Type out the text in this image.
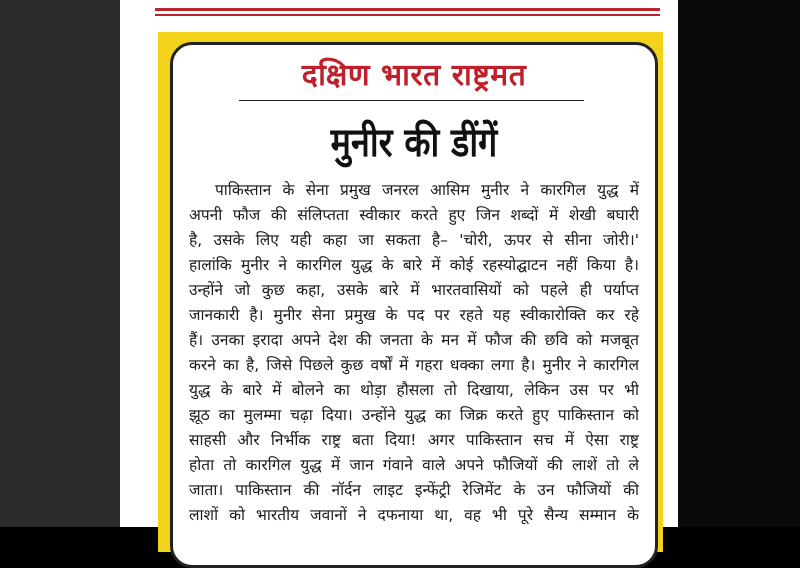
दक्षिण भारत राष्ट्रमत
मुनीर की डींगें
पाकिस्तान के सेना प्रमुख जनरल आसिम मुनीर ने कारगिल युद्ध में
अपनी फौज की संलिप्तता स्वीकार करते हुए जिन शब्दों में शेखी बघारी
है, उसके लिए यही कहा जा सकता है– 'चोरी, ऊपर से सीना जोरी।'
हालांकि मुनीर ने कारगिल युद्ध के बारे में कोई रहस्योद्घाटन नहीं किया है।
उन्होंने जो कुछ कहा, उसके बारे में भारतवासियों को पहले ही पर्याप्त
जानकारी है। मुनीर सेना प्रमुख के पद पर रहते यह स्वीकारोक्ति कर रहे
हैं। उनका इरादा अपने देश की जनता के मन में फौज की छवि को मजबूत
करने का है, जिसे पिछले कुछ वर्षों में गहरा धक्का लगा है। मुनीर ने कारगिल
युद्ध के बारे में बोलने का थोड़ा हौसला तो दिखाया, लेकिन उस पर भी
झूठ का मुलम्मा चढ़ा दिया। उन्होंने युद्ध का जिक्र करते हुए पाकिस्तान को
साहसी और निर्भीक राष्ट्र बता दिया! अगर पाकिस्तान सच में ऐसा राष्ट्र
होता तो कारगिल युद्ध में जान गंवाने वाले अपने फौजियों की लाशें तो ले
जाता। पाकिस्तान की नॉर्दन लाइट इन्फेंट्री रेजिमेंट के उन फौजियों की
लाशों को भारतीय जवानों ने दफनाया था, वह भी पूरे सैन्य सम्मान के
